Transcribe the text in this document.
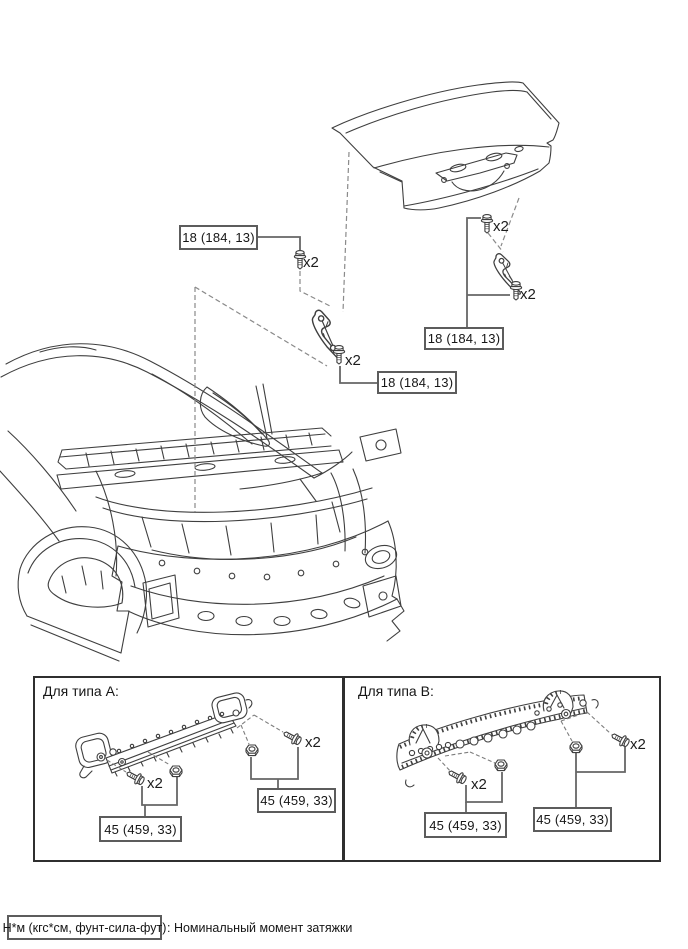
Для типа A:	Для типа B:
18 (184, 13)
18 (184, 13)
18 (184, 13)
45 (459, 33)
45 (459, 33)
45 (459, 33)	45 (459, 33)
x2
x2
x2
x2
x2
x2
x2
x2
Н*м (кгс*см, фунт-сила-фут) : Номинальный момент затяжки
